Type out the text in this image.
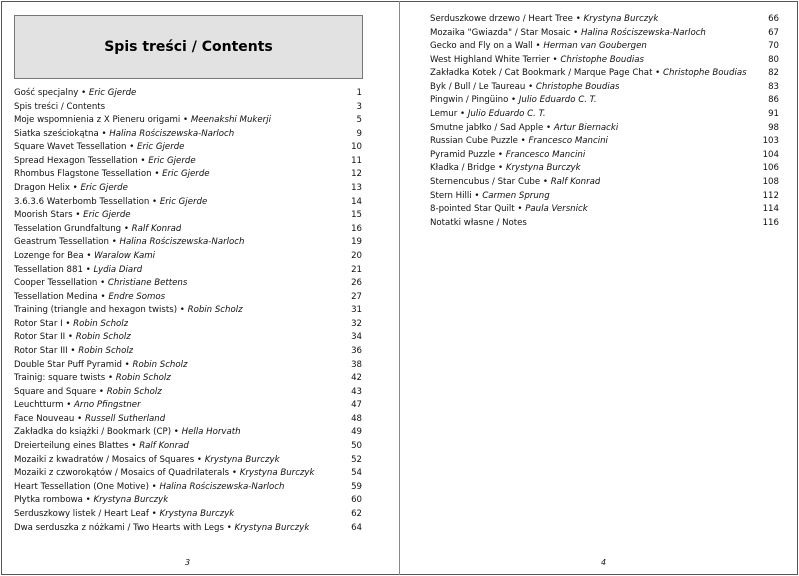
Spis treści / Contents
Gość specjalny • Eric Gjerde	1
Spis treści / Contents	3
Moje wspomnienia z X Pieneru origami • Meenakshi Mukerji	5
Siatka sześciokątna • Halina Rościszewska-Narloch	9
Square Wavet Tessellation • Eric Gjerde	10
Spread Hexagon Tessellation • Eric Gjerde	11
Rhombus Flagstone Tessellation • Eric Gjerde	12
Dragon Helix • Eric Gjerde	13
3.6.3.6 Waterbomb Tessellation • Eric Gjerde	14
Moorish Stars • Eric Gjerde	15
Tesselation Grundfaltung • Ralf Konrad	16
Geastrum Tessellation • Halina Rościszewska-Narloch	19
Lozenge for Bea • Waralow Kami	20
Tessellation 881 • Lydia Diard	21
Cooper Tessellation • Christiane Bettens	26
Tessellation Medina • Endre Somos	27
Training (triangle and hexagon twists) • Robin Scholz	31
Rotor Star I • Robin Scholz	32
Rotor Star II • Robin Scholz	34
Rotor Star III • Robin Scholz	36
Double Star Puff Pyramid • Robin Scholz	38
Trainig: square twists • Robin Scholz	42
Square and Square • Robin Scholz	43
Leuchtturm • Arno Pfingstner	47
Face Nouveau • Russell Sutherland	48
Zakładka do książki / Bookmark (CP) • Hella Horvath	49
Dreierteilung eines Blattes • Ralf Konrad	50
Mozaiki z kwadratów / Mosaics of Squares • Krystyna Burczyk	52
Mozaiki z czworokątów / Mosaics of Quadrilaterals • Krystyna Burczyk	54
Heart Tessellation (One Motive) • Halina Rościszewska-Narloch	59
Płytka rombowa • Krystyna Burczyk	60
Serduszkowy listek / Heart Leaf • Krystyna Burczyk	62
Dwa serduszka z nóżkami / Two Hearts with Legs • Krystyna Burczyk	64
Serduszkowe drzewo / Heart Tree • Krystyna Burczyk	66
Mozaika "Gwiazda" / Star Mosaic • Halina Rościszewska-Narloch	67
Gecko and Fly on a Wall • Herman van Goubergen	70
West Highland White Terrier • Christophe Boudias	80
Zakładka Kotek / Cat Bookmark / Marque Page Chat • Christophe Boudias	82
Byk / Bull / Le Taureau • Christophe Boudias	83
Pingwin / Pingüino • Julio Eduardo C. T.	86
Lemur • Julio Eduardo C. T.	91
Smutne jabłko / Sad Apple • Artur Biernacki	98
Russian Cube Puzzle • Francesco Mancini	103
Pyramid Puzzle • Francesco Mancini	104
Kładka / Bridge • Krystyna Burczyk	106
Sternencubus / Star Cube • Ralf Konrad	108
Stern Hilli • Carmen Sprung	112
8-pointed Star Quilt • Paula Versnick	114
Notatki własne / Notes	116
3	4
